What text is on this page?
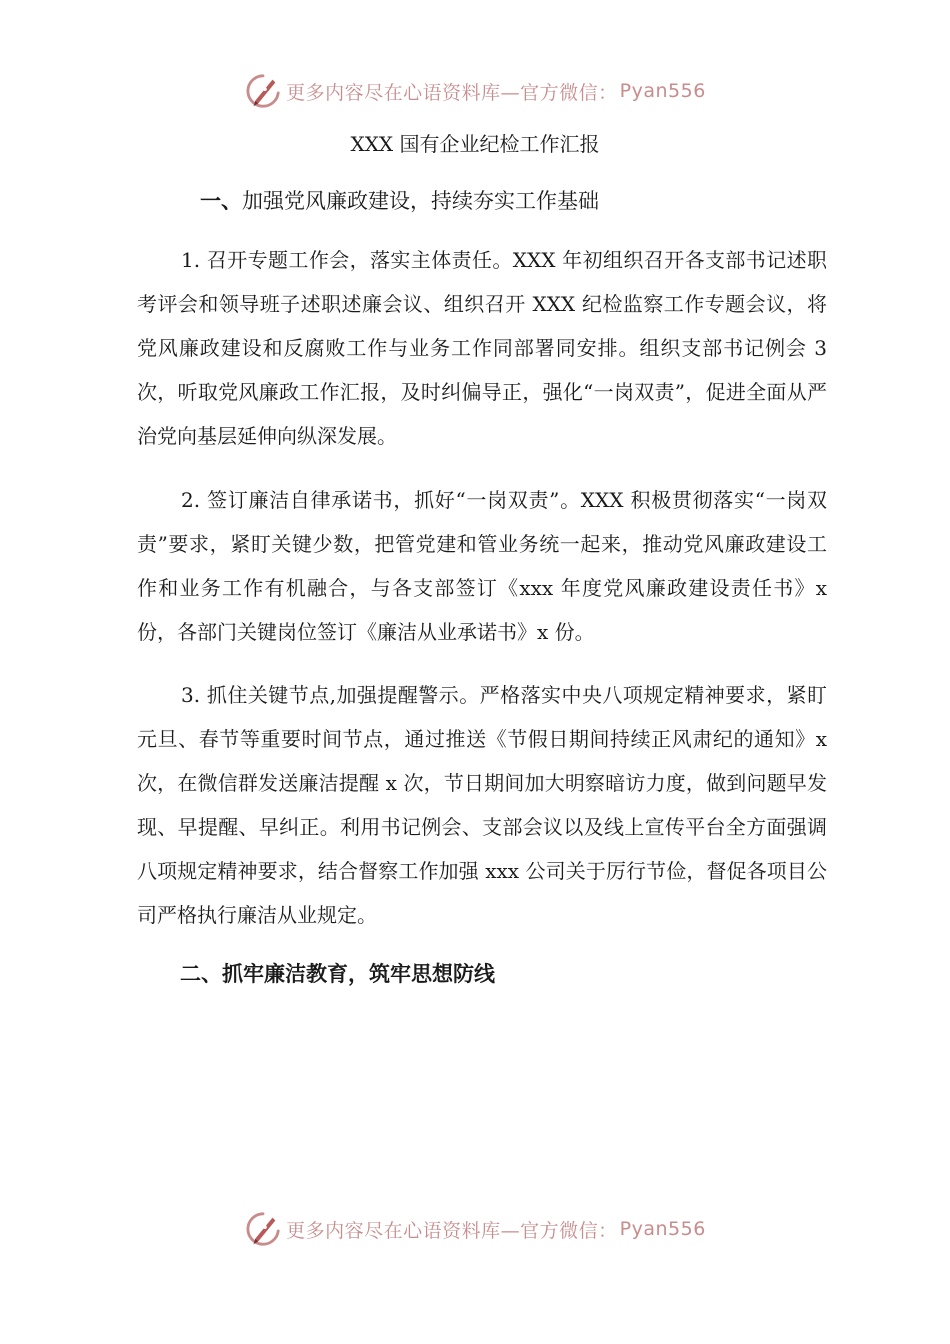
更多内容尽在心语资料库—官方微信： Pyan556
XXX 国有企业纪检工作汇报
一、加强党风廉政建设，持续夯实工作基础

1. 召开专题工作会，落实主体责任。XXX 年初组织召开各支部书记述职考评会和领导班子述职述廉会议、组织召开 XXX 纪检监察工作专题会议，将党风廉政建设和反腐败工作与业务工作同部署同安排。组织支部书记例会 3 次，听取党风廉政工作汇报，及时纠偏导正，强化“一岗双责”，促进全面从严治党向基层延伸向纵深发展。

2. 签订廉洁自律承诺书，抓好“一岗双责”。XXX 积极贯彻落实“一岗双责”要求，紧盯关键少数，把管党建和管业务统一起来，推动党风廉政建设工作和业务工作有机融合，与各支部签订《xxx 年度党风廉政建设责任书》x 份，各部门关键岗位签订《廉洁从业承诺书》x 份。

3. 抓住关键节点,加强提醒警示。严格落实中央八项规定精神要求，紧盯元旦、春节等重要时间节点，通过推送《节假日期间持续正风肃纪的通知》x 次，在微信群发送廉洁提醒 x 次，节日期间加大明察暗访力度，做到问题早发现、早提醒、早纠正。利用书记例会、支部会议以及线上宣传平台全方面强调八项规定精神要求，结合督察工作加强 xxx 公司关于厉行节俭，督促各项目公司严格执行廉洁从业规定。

二、抓牢廉洁教育，筑牢思想防线
更多内容尽在心语资料库—官方微信： Pyan556
